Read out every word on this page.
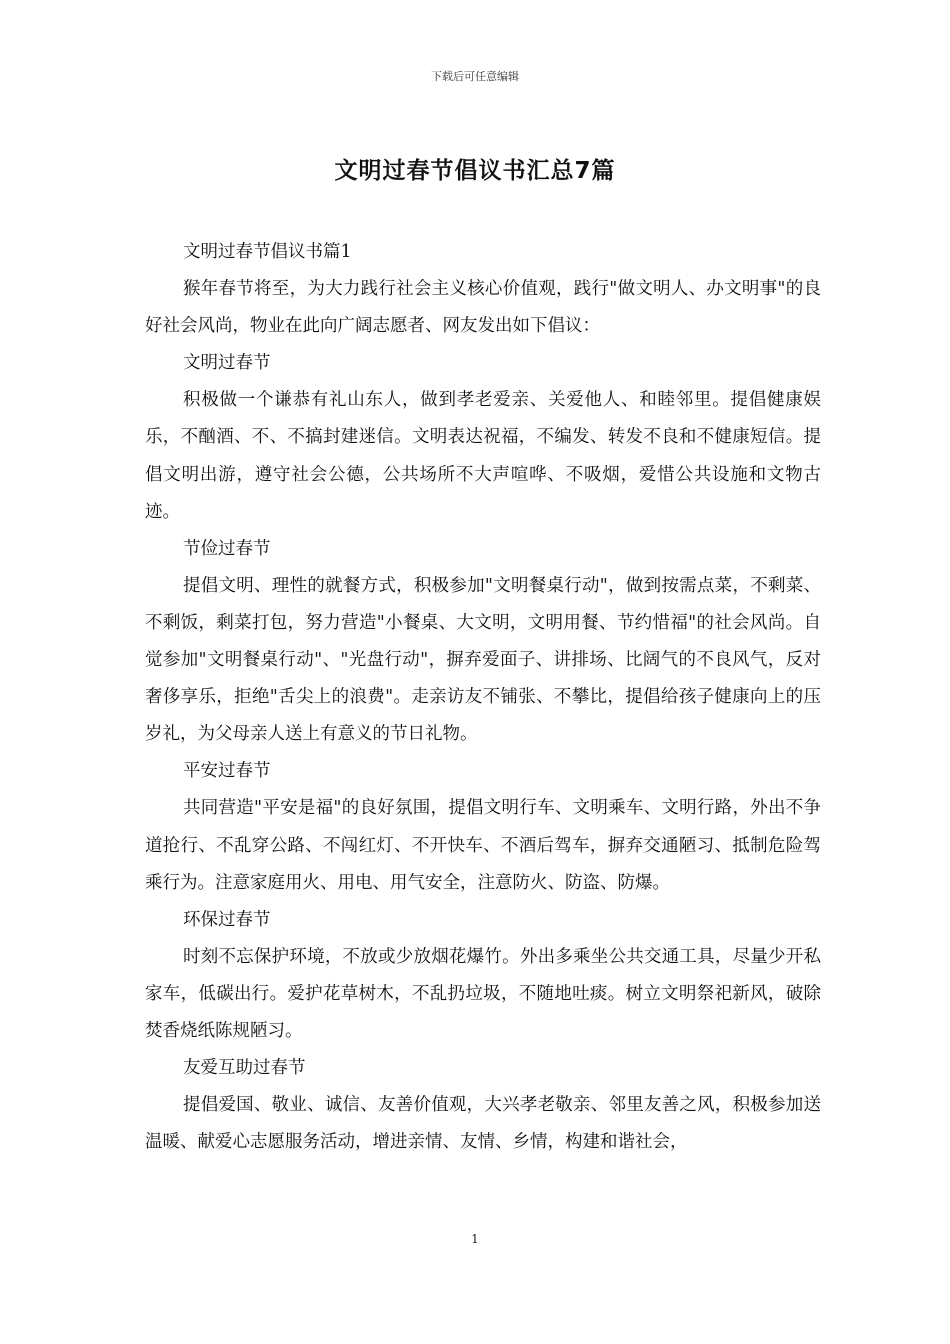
下载后可任意编辑
文明过春节倡议书汇总7篇

文明过春节倡议书篇1

猴年春节将至，为大力践行社会主义核心价值观，践行"做文明人、办文明事"的良好社会风尚，物业在此向广阔志愿者、网友发出如下倡议：

文明过春节

积极做一个谦恭有礼山东人，做到孝老爱亲、关爱他人、和睦邻里。提倡健康娱乐，不酗酒、不、不搞封建迷信。文明表达祝福，不编发、转发不良和不健康短信。提倡文明出游，遵守社会公德，公共场所不大声喧哗、不吸烟，爱惜公共设施和文物古迹。

节俭过春节

提倡文明、理性的就餐方式，积极参加"文明餐桌行动"，做到按需点菜，不剩菜、不剩饭，剩菜打包，努力营造"小餐桌、大文明，文明用餐、节约惜福"的社会风尚。自觉参加"文明餐桌行动"、"光盘行动"，摒弃爱面子、讲排场、比阔气的不良风气，反对奢侈享乐，拒绝"舌尖上的浪费"。走亲访友不铺张、不攀比，提倡给孩子健康向上的压岁礼，为父母亲人送上有意义的节日礼物。

平安过春节

共同营造"平安是福"的良好氛围，提倡文明行车、文明乘车、文明行路，外出不争道抢行、不乱穿公路、不闯红灯、不开快车、不酒后驾车，摒弃交通陋习、抵制危险驾乘行为。注意家庭用火、用电、用气安全，注意防火、防盗、防爆。

环保过春节

时刻不忘保护环境，不放或少放烟花爆竹。外出多乘坐公共交通工具，尽量少开私家车，低碳出行。爱护花草树木，不乱扔垃圾，不随地吐痰。树立文明祭祀新风，破除焚香烧纸陈规陋习。

友爱互助过春节

提倡爱国、敬业、诚信、友善价值观，大兴孝老敬亲、邻里友善之风，积极参加送温暖、献爱心志愿服务活动，增进亲情、友情、乡情，构建和谐社会，

1
